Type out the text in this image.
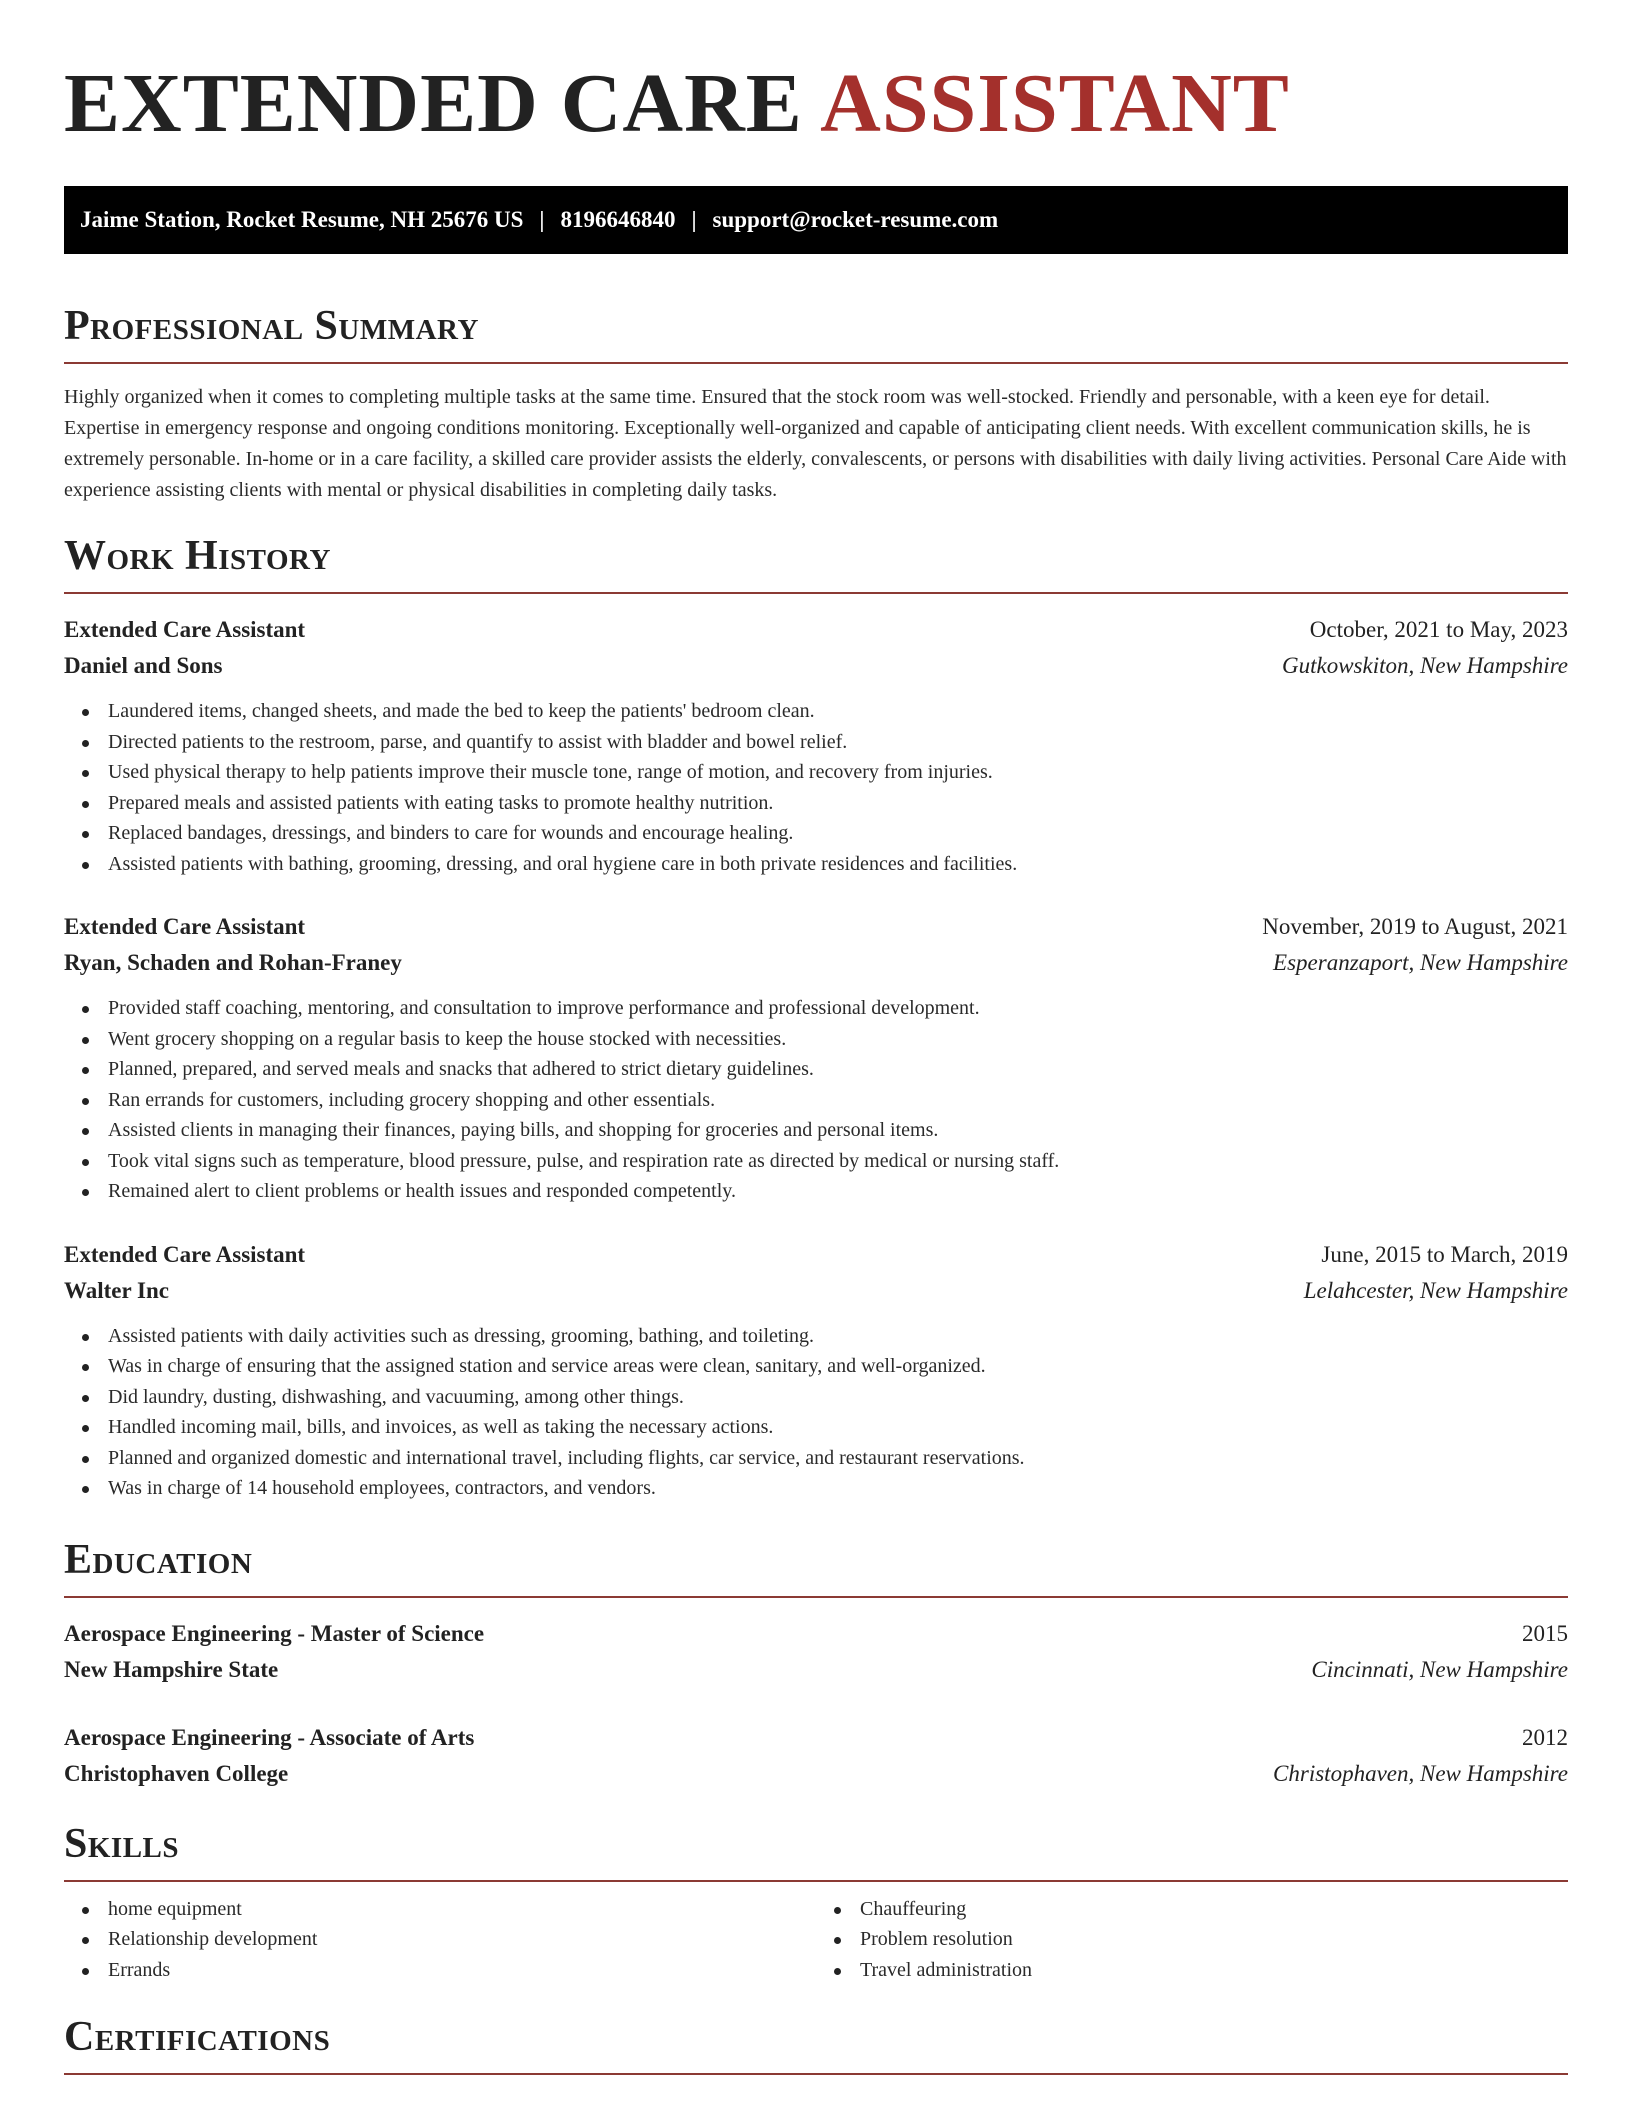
EXTENDED CARE ASSISTANT
Jaime Station, Rocket Resume, NH 25676 US | 8196646840 | support@rocket-resume.com
Professional Summary

Highly organized when it comes to completing multiple tasks at the same time. Ensured that the stock room was well-stocked. Friendly and personable, with a keen eye for detail. Expertise in emergency response and ongoing conditions monitoring. Exceptionally well-organized and capable of anticipating client needs. With excellent communication skills, he is extremely personable. In-home or in a care facility, a skilled care provider assists the elderly, convalescents, or persons with disabilities with daily living activities. Personal Care Aide with experience assisting clients with mental or physical disabilities in completing daily tasks.

Work History
Extended Care Assistant	October, 2021 to May, 2023
Daniel and Sons	Gutkowskiton, New Hampshire
Laundered items, changed sheets, and made the bed to keep the patients' bedroom clean.
Directed patients to the restroom, parse, and quantify to assist with bladder and bowel relief.
Used physical therapy to help patients improve their muscle tone, range of motion, and recovery from injuries.
Prepared meals and assisted patients with eating tasks to promote healthy nutrition.
Replaced bandages, dressings, and binders to care for wounds and encourage healing.
Assisted patients with bathing, grooming, dressing, and oral hygiene care in both private residences and facilities.
Extended Care Assistant	November, 2019 to August, 2021
Ryan, Schaden and Rohan-Franey	Esperanzaport, New Hampshire
Provided staff coaching, mentoring, and consultation to improve performance and professional development.
Went grocery shopping on a regular basis to keep the house stocked with necessities.
Planned, prepared, and served meals and snacks that adhered to strict dietary guidelines.
Ran errands for customers, including grocery shopping and other essentials.
Assisted clients in managing their finances, paying bills, and shopping for groceries and personal items.
Took vital signs such as temperature, blood pressure, pulse, and respiration rate as directed by medical or nursing staff.
Remained alert to client problems or health issues and responded competently.
Extended Care Assistant	June, 2015 to March, 2019
Walter Inc	Lelahcester, New Hampshire
Assisted patients with daily activities such as dressing, grooming, bathing, and toileting.
Was in charge of ensuring that the assigned station and service areas were clean, sanitary, and well-organized.
Did laundry, dusting, dishwashing, and vacuuming, among other things.
Handled incoming mail, bills, and invoices, as well as taking the necessary actions.
Planned and organized domestic and international travel, including flights, car service, and restaurant reservations.
Was in charge of 14 household employees, contractors, and vendors.
Education
Aerospace Engineering - Master of Science	2015
New Hampshire State	Cincinnati, New Hampshire
Aerospace Engineering - Associate of Arts	2012
Christophaven College	Christophaven, New Hampshire
Skills
home equipment
Relationship development
Errands
Chauffeuring
Problem resolution
Travel administration
Certifications
